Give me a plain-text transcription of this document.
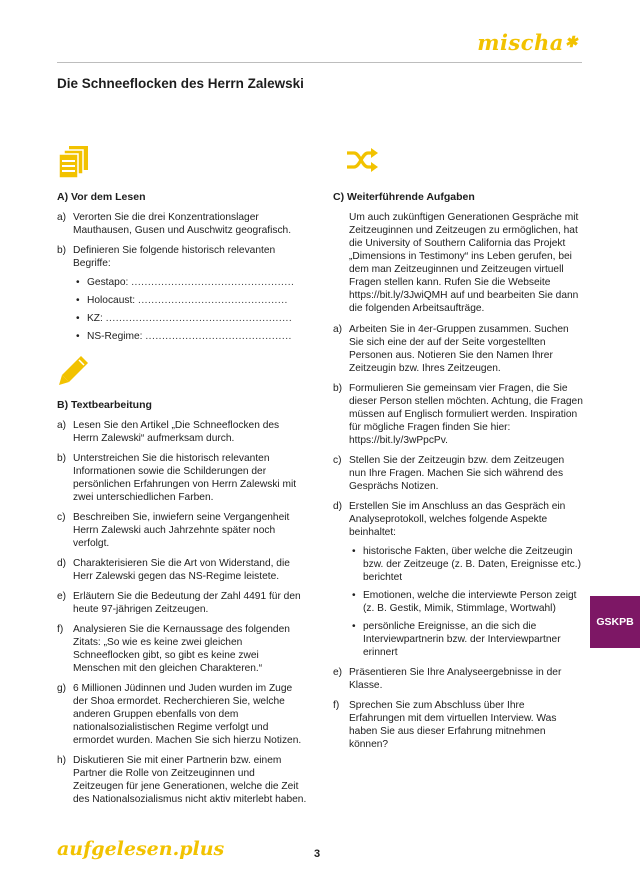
mischa✱
Die Schneeflocken des Herrn Zalewski
A) Vor dem Lesen
a) Verorten Sie die drei Konzentrationslager Mauthausen, Gusen und Auschwitz geografisch.
b) Definieren Sie folgende historisch relevanten Begriffe:
• Gestapo: .................................................
• Holocaust: .............................................
• KZ: ........................................................
• NS-Regime: ............................................
B) Textbearbeitung
a) Lesen Sie den Artikel „Die Schneeflocken des Herrn Zalewski“ aufmerksam durch.
b) Unterstreichen Sie die historisch relevanten Informationen sowie die Schilderungen der persönlichen Erfahrungen von Herrn Zalewski mit zwei unterschiedlichen Farben.
c) Beschreiben Sie, inwiefern seine Vergangenheit Herrn Zalewski auch Jahrzehnte später noch verfolgt.
d) Charakterisieren Sie die Art von Widerstand, die Herr Zalewski gegen das NS-Regime leistete.
e) Erläutern Sie die Bedeutung der Zahl 4491 für den heute 97-jährigen Zeitzeugen.
f) Analysieren Sie die Kernaussage des folgenden Zitats: „So wie es keine zwei gleichen Schneeflocken gibt, so gibt es keine zwei Menschen mit den gleichen Charakteren.“
g) 6 Millionen Jüdinnen und Juden wurden im Zuge der Shoa ermordet. Recherchieren Sie, welche anderen Gruppen ebenfalls von dem nationalsozialistischen Regime verfolgt und ermordet wurden. Machen Sie sich hierzu Notizen.
h) Diskutieren Sie mit einer Partnerin bzw. einem Partner die Rolle von Zeitzeuginnen und Zeitzeugen für jene Generationen, welche die Zeit des Nationalsozialismus nicht aktiv miterlebt haben.
C) Weiterführende Aufgaben

Um auch zukünftigen Generationen Gespräche mit Zeitzeuginnen und Zeitzeugen zu ermöglichen, hat die University of Southern California das Projekt „Dimensions in Testimony“ ins Leben gerufen, bei dem man Zeitzeuginnen und Zeitzeugen virtuell Fragen stellen kann. Rufen Sie die Webseite https://bit.ly/3JwiQMH auf und bearbeiten Sie dann die folgenden Arbeitsaufträge.

a) Arbeiten Sie in 4er-Gruppen zusammen. Suchen Sie sich eine der auf der Seite vorgestellten Personen aus. Notieren Sie den Namen Ihrer Zeitzeugin bzw. Ihres Zeitzeugen.
b) Formulieren Sie gemeinsam vier Fragen, die Sie dieser Person stellen möchten. Achtung, die Fragen müssen auf Englisch formuliert werden. Inspiration für mögliche Fragen finden Sie hier: https://bit.ly/3wPpcPv.
c) Stellen Sie der Zeitzeugin bzw. dem Zeitzeugen nun Ihre Fragen. Machen Sie sich während des Gesprächs Notizen.
d) Erstellen Sie im Anschluss an das Gespräch ein Analyseprotokoll, welches folgende Aspekte beinhaltet:
• historische Fakten, über welche die Zeitzeugin bzw. der Zeitzeuge (z. B. Daten, Ereignisse etc.) berichtet
• Emotionen, welche die interviewte Person zeigt (z. B. Gestik, Mimik, Stimmlage, Wortwahl)
• persönliche Ereignisse, an die sich die Interviewpartnerin bzw. der Interviewpartner erinnert
e) Präsentieren Sie Ihre Analyseergebnisse in der Klasse.
f) Sprechen Sie zum Abschluss über Ihre Erfahrungen mit dem virtuellen Interview. Was haben Sie aus dieser Erfahrung mitnehmen können?
GSKPB
aufgelesen.plus	3
